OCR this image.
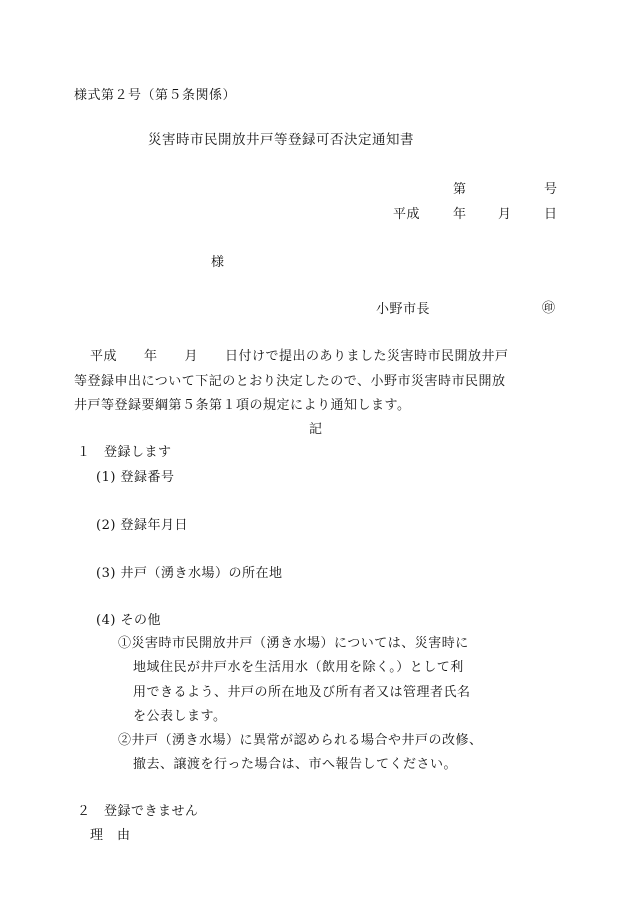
様式第２号（第５条関係）
災害時市民開放井戸等登録可否決定通知書
第	号
平成	年 月 日
様
小野市長	㊞
平成　　年　　月　　日付けで提出のありました災害時市民開放井戸
等登録申出について下記のとおり決定したので、小野市災害時市民開放
井戸等登録要綱第５条第１項の規定により通知します。
記
１　登録します
(1) 登録番号
(2) 登録年月日
(3) 井戸（湧き水場）の所在地
(4) その他
①災害時市民開放井戸（湧き水場）については、災害時に
地域住民が井戸水を生活用水（飲用を除く。）として利
用できるよう、井戸の所在地及び所有者又は管理者氏名
を公表します。
②井戸（湧き水場）に異常が認められる場合や井戸の改修、
撤去、譲渡を行った場合は、市へ報告してください。
２　登録できません
理　由
